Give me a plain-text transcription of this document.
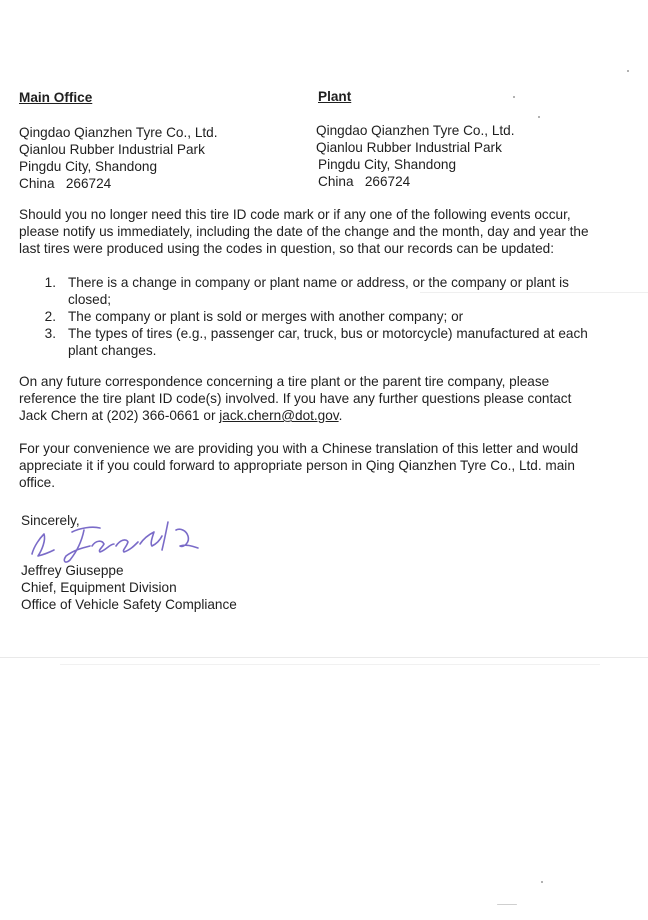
Main Office
Qingdao Qianzhen Tyre Co., Ltd.
Qianlou Rubber Industrial Park
Pingdu City, Shandong
China   266724
Plant
Qingdao Qianzhen Tyre Co., Ltd.
Qianlou Rubber Industrial Park
Pingdu City, Shandong
China   266724
Should you no longer need this tire ID code mark or if any one of the following events occur,
please notify us immediately, including the date of the change and the month, day and year the
last tires were produced using the codes in question, so that our records can be updated:
1. There is a change in company or plant name or address, or the company or plant is
closed;
2. The company or plant is sold or merges with another company; or
3. The types of tires (e.g., passenger car, truck, bus or motorcycle) manufactured at each
plant changes.
On any future correspondence concerning a tire plant or the parent tire company, please
reference the tire plant ID code(s) involved. If you have any further questions please contact
Jack Chern at (202) 366-0661 or jack.chern@dot.gov.
For your convenience we are providing you with a Chinese translation of this letter and would
appreciate it if you could forward to appropriate person in Qing Qianzhen Tyre Co., Ltd. main
office.
Sincerely,
Jeffrey Giuseppe
Chief, Equipment Division
Office of Vehicle Safety Compliance
